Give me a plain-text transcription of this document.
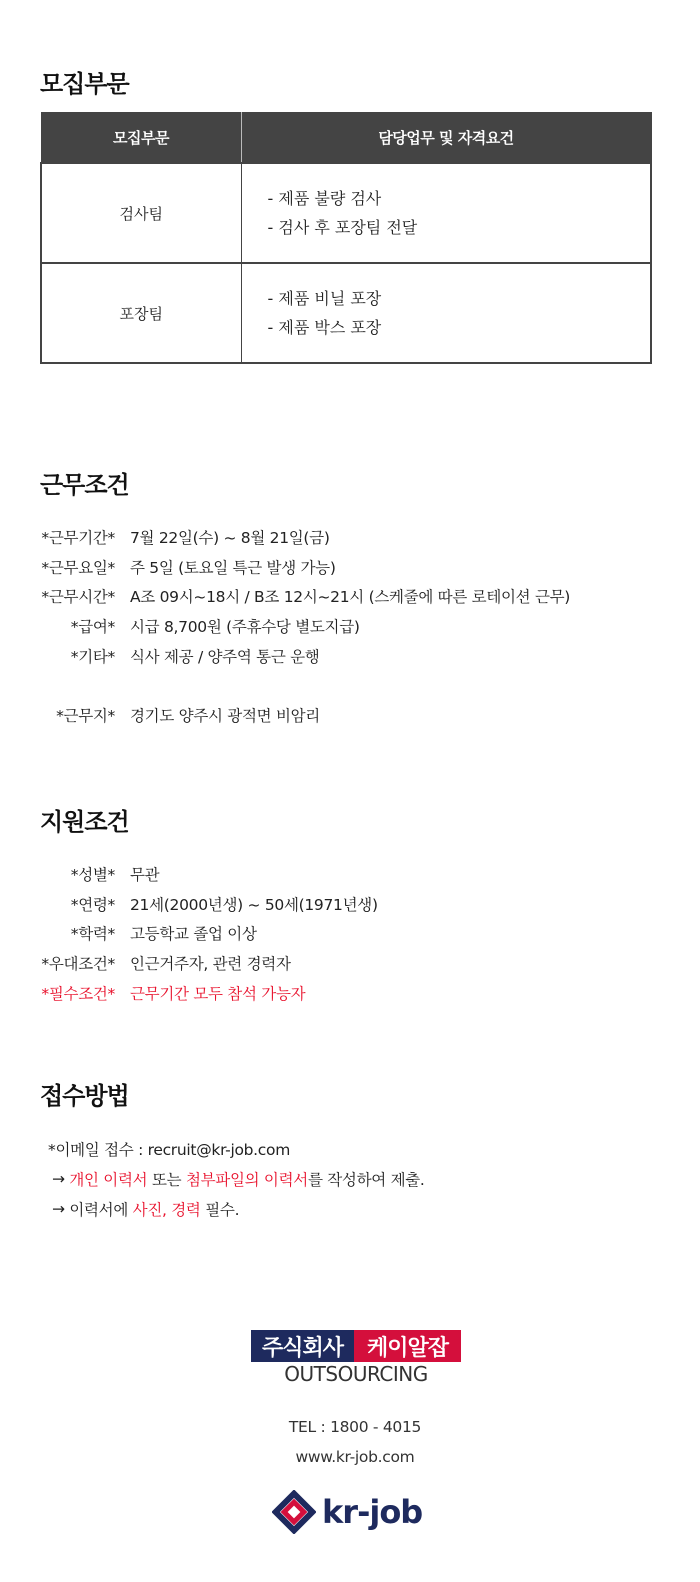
모집부문
모집부문	담당업무 및 자격요건
검사팀	- 제품 불량 검사
- 검사 후 포장팀 전달

포장팀	- 제품 비닐 포장
- 제품 박스 포장
근무조건
*근무기간* 7월 22일(수) ~ 8월 21일(금)
*근무요일* 주 5일 (토요일 특근 발생 가능)
*근무시간* A조 09시~18시 / B조 12시~21시 (스케줄에 따른 로테이션 근무)
*급여* 시급 8,700원 (주휴수당 별도지급)
*기타* 식사 제공 / 양주역 통근 운행
*근무지* 경기도 양주시 광적면 비암리
지원조건
*성별* 무관
*연령* 21세(2000년생) ~ 50세(1971년생)
*학력* 고등학교 졸업 이상
*우대조건* 인근거주자, 관련 경력자
*필수조건* 근무기간 모두 참석 가능자
접수방법
*이메일 접수 : recruit@kr-job.com
→
개인 이력서 또는 첨부파일의 이력서 를 작성하여 제출.
→ 이력서에 사진, 경력 필수.
주식회사	케이알잡
OUTSOURCING
TEL : 1800 - 4015
www.kr-job.com
kr-job
